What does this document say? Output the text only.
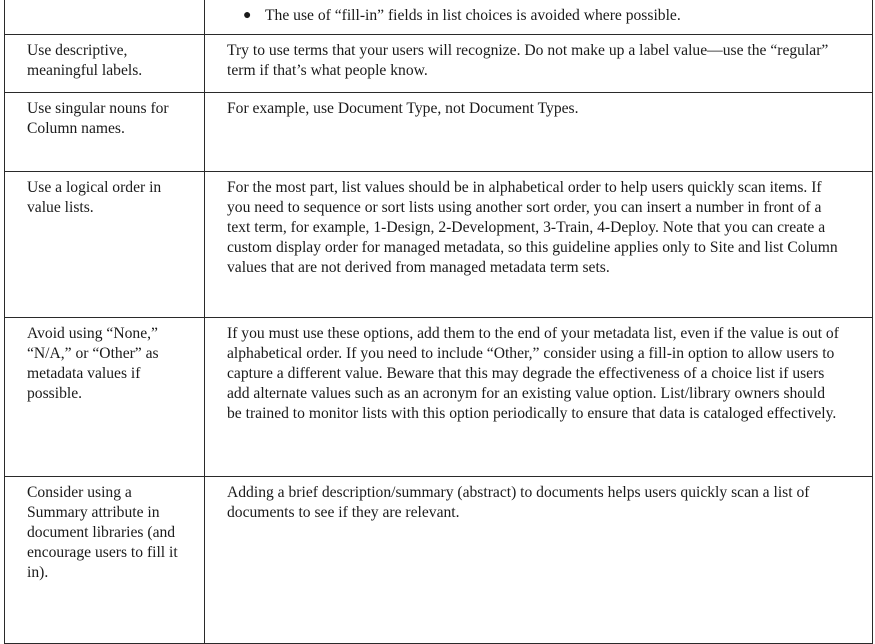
	● The use of “fill-in” fields in list choices is avoided where possible.

Use descriptive, meaningful labels.	Try to use terms that your users will recognize. Do not make up a label value—use the “regular” term if that’s what people know.
Use singular nouns for Column names.	For example, use Document Type, not Document Types.
Use a logical order in value lists.	For the most part, list values should be in alphabetical order to help users quickly scan items. If you need to sequence or sort lists using another sort order, you can insert a number in front of a text term, for example, 1-Design, 2-Development, 3-Train, 4-Deploy. Note that you can create a custom display order for managed metadata, so this guideline applies only to Site and list Column values that are not derived from managed metadata term sets.
Avoid using “None,” “N/A,” or “Other” as metadata values if possible.	If you must use these options, add them to the end of your metadata list, even if the value is out of alphabetical order. If you need to include “Other,” consider using a fill-in option to allow users to capture a different value. Beware that this may degrade the effectiveness of a choice list if users add alternate values such as an acronym for an existing value option. List/library owners should be trained to monitor lists with this option periodically to ensure that data is cataloged effectively.
Consider using a Summary attribute in document libraries (and encourage users to fill it in).	Adding a brief description/summary (abstract) to documents helps users quickly scan a list of documents to see if they are relevant.
